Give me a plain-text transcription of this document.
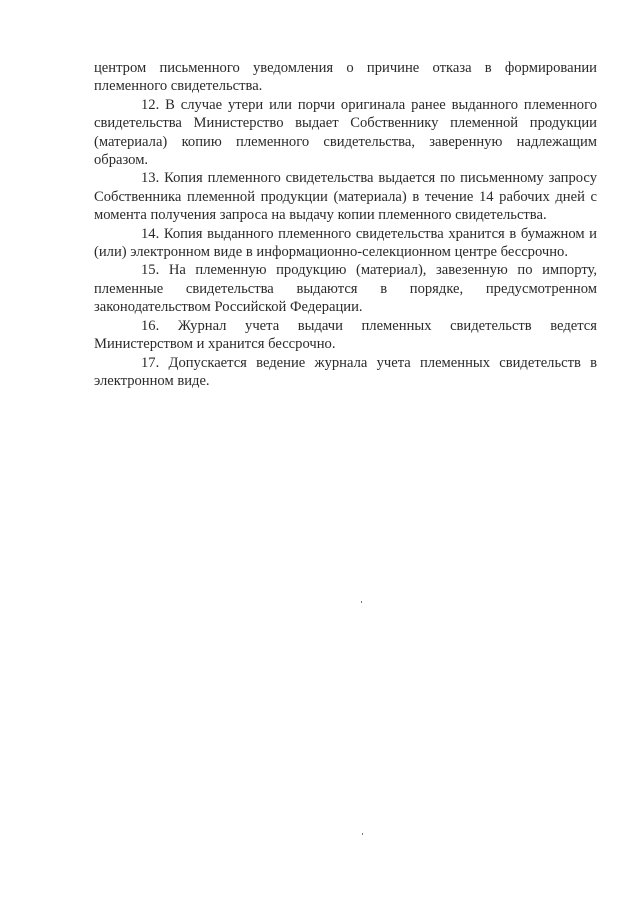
центром письменного уведомления о причине отказа в формировании племенного свидетельства.

12. В случае утери или порчи оригинала ранее выданного племенного свидетельства Министерство выдает Собственнику племенной продукции (материала) копию племенного свидетельства, заверенную надлежащим образом.

13. Копия племенного свидетельства выдается по письменному запросу Собственника племенной продукции (материала) в течение 14 рабочих дней с момента получения запроса на выдачу копии племенного свидетельства.

14. Копия выданного племенного свидетельства хранится в бумажном и (или) электронном виде в информационно-селекционном центре бессрочно.

15. На племенную продукцию (материал), завезенную по импорту, племенные свидетельства выдаются в порядке, предусмотренном законодательством Российской Федерации.

16. Журнал учета выдачи племенных свидетельств ведется Министерством и хранится бессрочно.

17. Допускается ведение журнала учета племенных свидетельств в электронном виде.
